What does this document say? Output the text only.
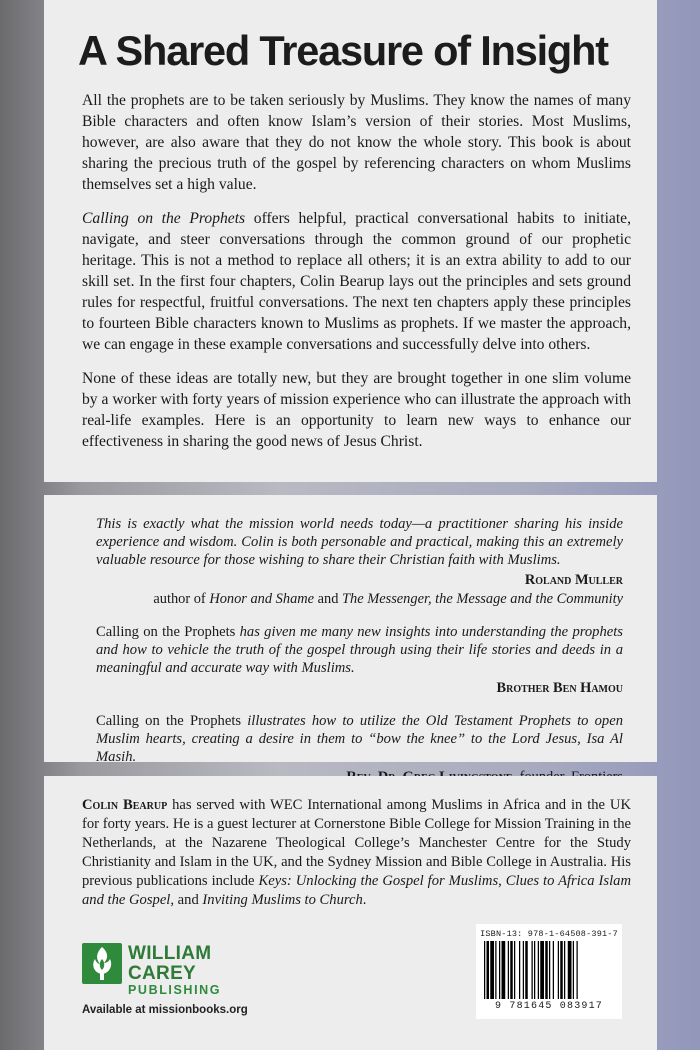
A Shared Treasure of Insight

All the prophets are to be taken seriously by Muslims. They know the names of many Bible characters and often know Islam’s version of their stories. Most Muslims, however, are also aware that they do not know the whole story. This book is about sharing the precious truth of the gospel by referencing characters on whom Muslims themselves set a high value.

Calling on the Prophets offers helpful, practical conversational habits to initiate, navigate, and steer conversations through the common ground of our prophetic heritage. This is not a method to replace all others; it is an extra ability to add to our skill set. In the first four chapters, Colin Bearup lays out the principles and sets ground rules for respectful, fruitful conversations. The next ten chapters apply these principles to fourteen Bible characters known to Muslims as prophets. If we master the approach, we can engage in these example conversations and successfully delve into others.

None of these ideas are totally new, but they are brought together in one slim volume by a worker with forty years of mission experience who can illustrate the approach with real-life examples. Here is an opportunity to learn new ways to enhance our effectiveness in sharing the good news of Jesus Christ.

This is exactly what the mission world needs today—a practitioner sharing his inside experience and wisdom. Colin is both personable and practical, making this an extremely valuable resource for those wishing to share their Christian faith with Muslims.

Roland Muller

author of Honor and Shame and The Messenger, the Message and the Community

Calling on the Prophets has given me many new insights into understanding the prophets and how to vehicle the truth of the gospel through using their life stories and deeds in a meaningful and accurate way with Muslims.

Brother Ben Hamou

Calling on the Prophets illustrates how to utilize the Old Testament Prophets to open Muslim hearts, creating a desire in them to “bow the knee” to the Lord Jesus, Isa Al Masih.

Colin Bearup has served with WEC International among Muslims in Africa and in the UK for forty years. He is a guest lecturer at Cornerstone Bible College for Mission Training in the Netherlands, at the Nazarene Theological College’s Manchester Centre for the Study Christianity and Islam in the UK, and the Sydney Mission and Bible College in Australia. His previous publications include Keys: Unlocking the Gospel for Muslims, Clues to Africa Islam and the Gospel, and Inviting Muslims to Church.

WILLIAM
CAREY
PUBLISHING
Available at missionbooks.org
ISBN-13: 978-1-64508-391-7
9 781645 083917
